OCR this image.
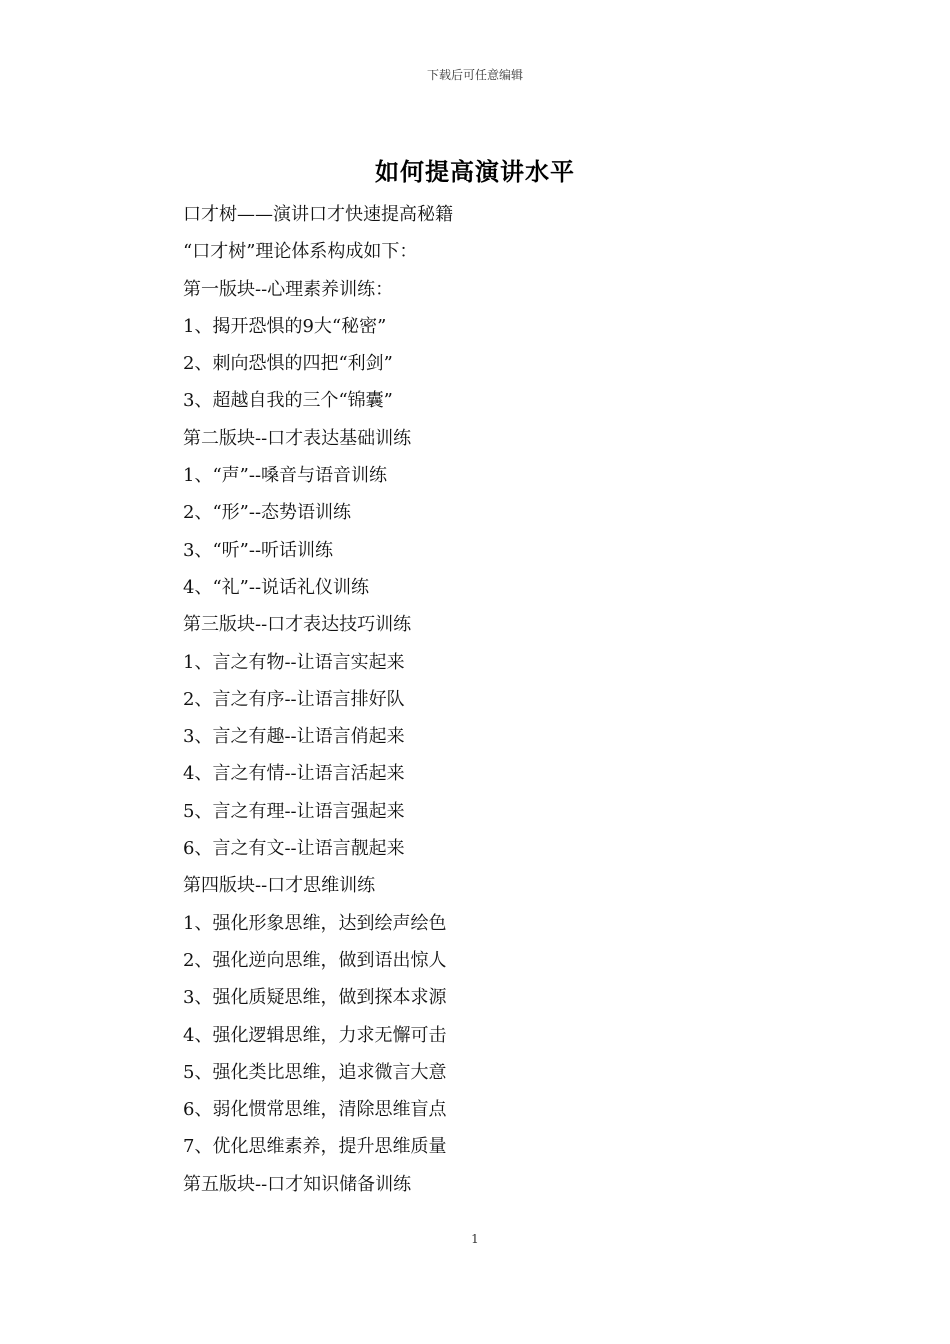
下载后可任意编辑
如何提高演讲水平
口才树——演讲口才快速提高秘籍
“口才树”理论体系构成如下：
第一版块--心理素养训练：
1、揭开恐惧的9大“秘密”
2、刺向恐惧的四把“利剑”
3、超越自我的三个“锦囊”
第二版块--口才表达基础训练
1、“声”--嗓音与语音训练
2、“形”--态势语训练
3、“听”--听话训练
4、“礼”--说话礼仪训练
第三版块--口才表达技巧训练
1、言之有物--让语言实起来
2、言之有序--让语言排好队
3、言之有趣--让语言俏起来
4、言之有情--让语言活起来
5、言之有理--让语言强起来
6、言之有文--让语言靓起来
第四版块--口才思维训练
1、强化形象思维，达到绘声绘色
2、强化逆向思维，做到语出惊人
3、强化质疑思维，做到探本求源
4、强化逻辑思维，力求无懈可击
5、强化类比思维，追求微言大意
6、弱化惯常思维，清除思维盲点
7、优化思维素养，提升思维质量
第五版块--口才知识储备训练
1
